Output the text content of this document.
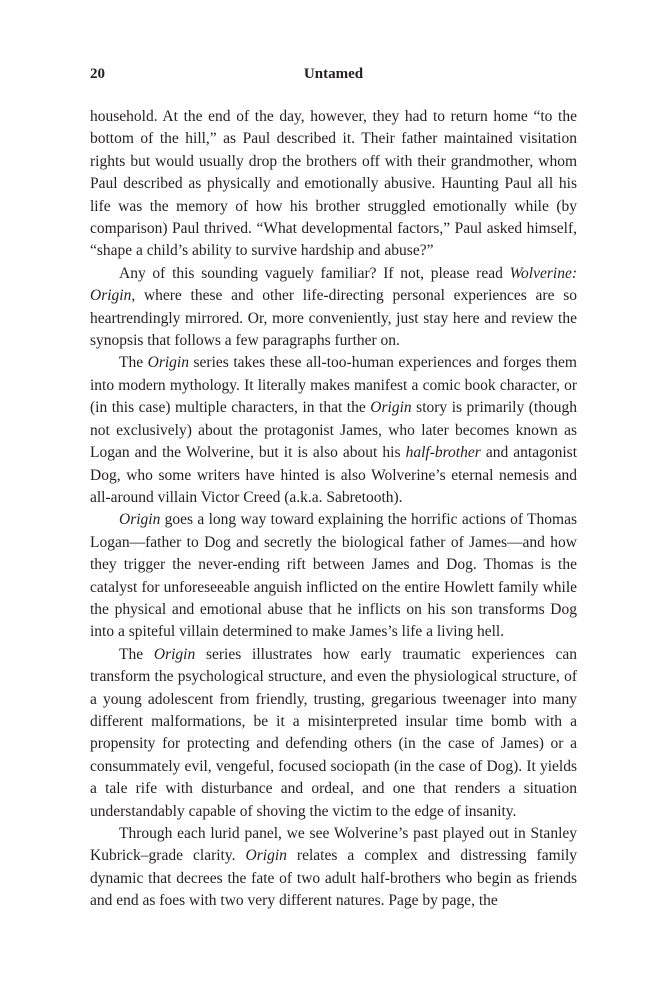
20	Untamed

household. At the end of the day, however, they had to return home “to the bottom of the hill,” as Paul described it. Their father maintained visitation rights but would usually drop the brothers off with their grandmother, whom Paul described as physically and emotionally abusive. Haunting Paul all his life was the memory of how his brother struggled emotionally while (by comparison) Paul thrived. “What developmental factors,” Paul asked himself, “shape a child’s ability to survive hardship and abuse?”

Any of this sounding vaguely familiar? If not, please read Wolverine: Origin, where these and other life-directing personal experiences are so heartrendingly mirrored. Or, more conveniently, just stay here and review the synopsis that follows a few paragraphs further on.

The Origin series takes these all-too-human experiences and forges them into modern mythology. It literally makes manifest a comic book character, or (in this case) multiple characters, in that the Origin story is primarily (though not exclusively) about the protagonist James, who later becomes known as Logan and the Wolverine, but it is also about his half-brother and antagonist Dog, who some writers have hinted is also Wolverine’s eternal nemesis and all-around villain Victor Creed (a.k.a. Sabretooth).

Origin goes a long way toward explaining the horrific actions of Thomas Logan—father to Dog and secretly the biological father of James—and how they trigger the never-ending rift between James and Dog. Thomas is the catalyst for unforeseeable anguish inflicted on the entire Howlett family while the physical and emotional abuse that he inflicts on his son transforms Dog into a spiteful villain determined to make James’s life a living hell.

The Origin series illustrates how early traumatic experiences can transform the psychological structure, and even the physiological structure, of a young adolescent from friendly, trusting, gregarious tweenager into many different malformations, be it a misinterpreted insular time bomb with a propensity for protecting and defending others (in the case of James) or a consummately evil, vengeful, focused sociopath (in the case of Dog). It yields a tale rife with disturbance and ordeal, and one that renders a situation understandably capable of shoving the victim to the edge of insanity.

Through each lurid panel, we see Wolverine’s past played out in Stanley Kubrick–grade clarity. Origin relates a complex and distressing family dynamic that decrees the fate of two adult half-brothers who begin as friends and end as foes with two very different natures. Page by page, the
